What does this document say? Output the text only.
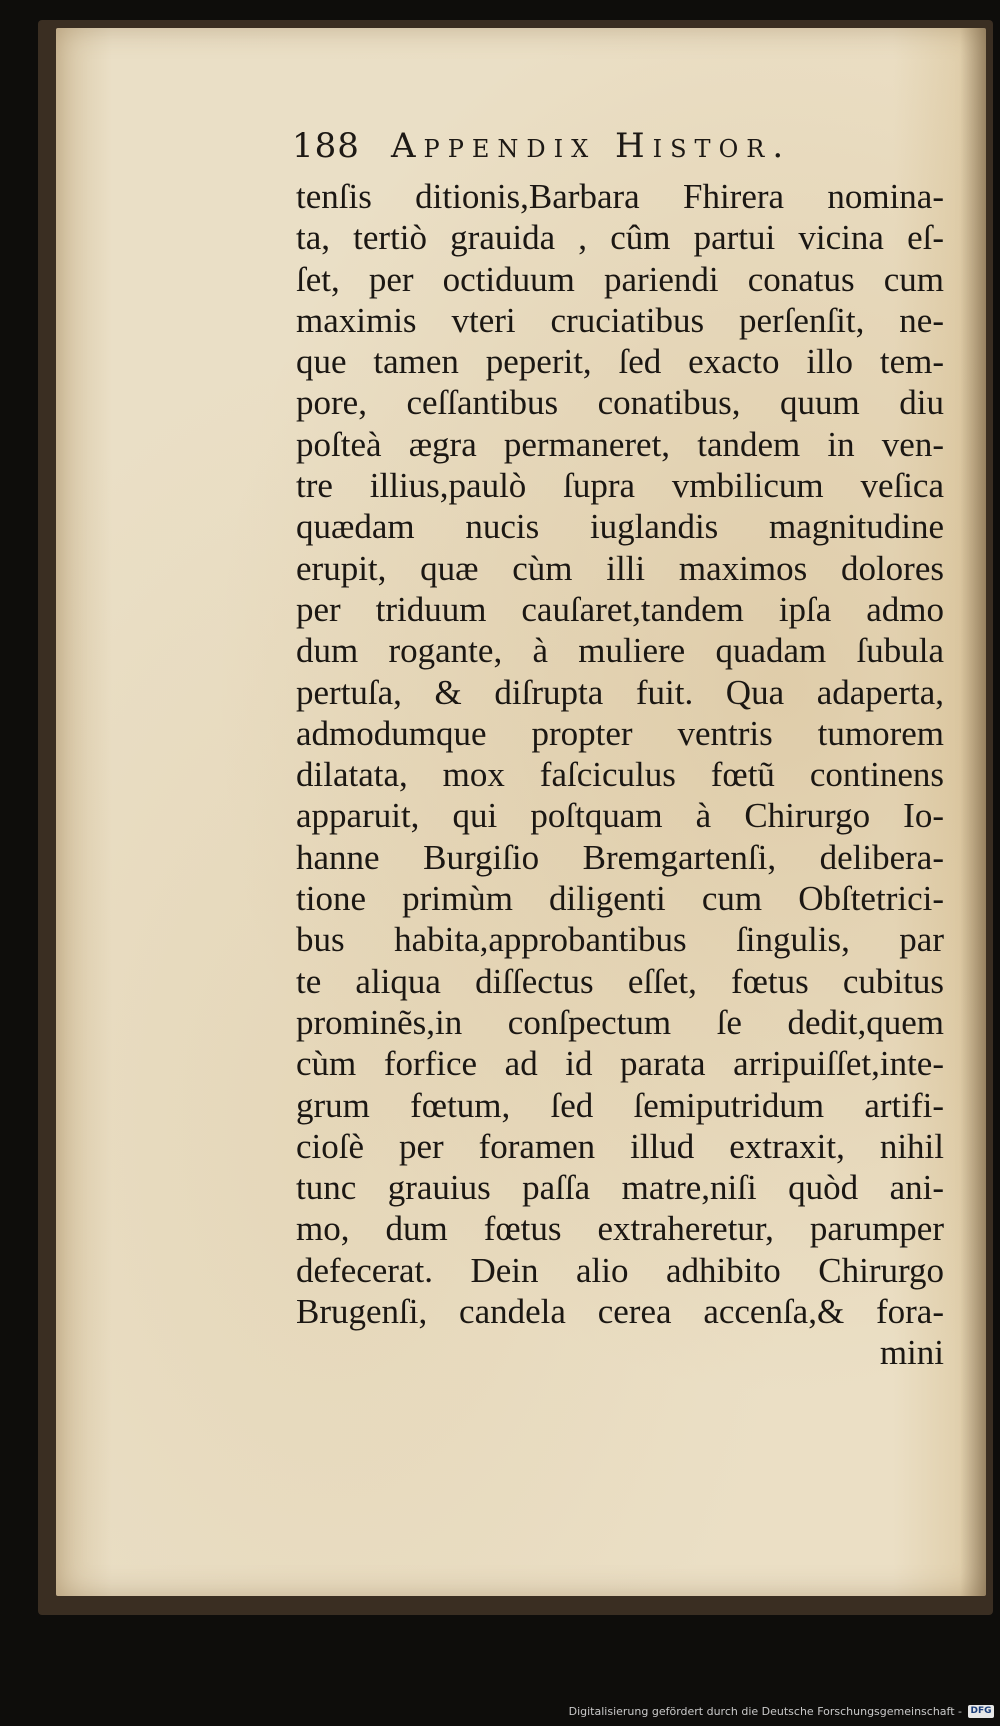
188 Appendix Histor.
tenſis ditionis,Barbara Fhirera nomina-
ta, tertiò grauida , cûm partui vicina eſ-
ſet, per octiduum pariendi conatus cum
maximis vteri cruciatibus perſenſit, ne-
que tamen peperit, ſed exacto illo tem-
pore, ceſſantibus conatibus, quum diu
poſteà ægra permaneret, tandem in ven-
tre illius,paulò ſupra vmbilicum veſica
quædam nucis iuglandis magnitudine
erupit, quæ cùm illi maximos dolores
per triduum cauſaret,tandem ipſa admo
dum rogante, à muliere quadam ſubula
pertuſa, & diſrupta fuit. Qua adaperta,
admodumque propter ventris tumorem
dilatata, mox faſciculus fœtũ continens
apparuit, qui poſtquam à Chirurgo Io-
hanne Burgiſio Bremgartenſi, delibera-
tione primùm diligenti cum Obſtetrici-
bus habita,approbantibus ſingulis, par
te aliqua diſſectus eſſet, fœtus cubitus
prominẽs,in conſpectum ſe dedit,quem
cùm forfice ad id parata arripuiſſet,inte-
grum fœtum, ſed ſemiputridum artifi-
cioſè per foramen illud extraxit, nihil
tunc grauius paſſa matre,niſi quòd ani-
mo, dum fœtus extraheretur, parumper
defecerat. Dein alio adhibito Chirurgo
Brugenſi, candela cerea accenſa,& fora-
mini
Digitalisierung gefördert durch die Deutsche Forschungsgemeinschaft - DFG
